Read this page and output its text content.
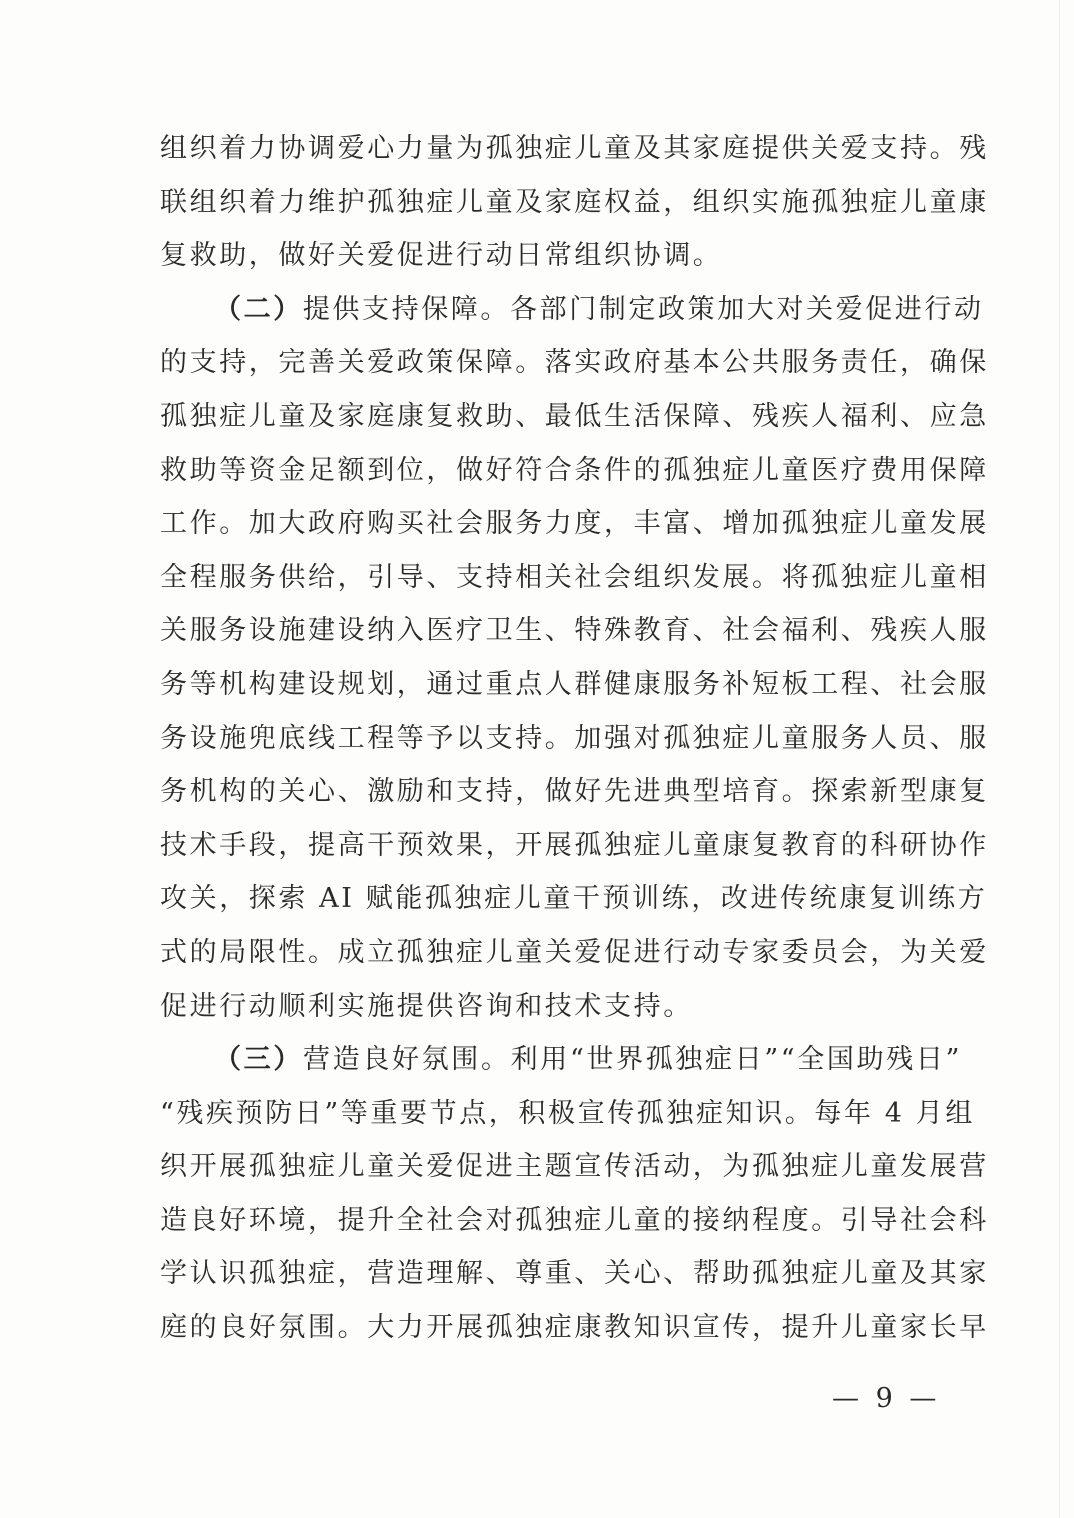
组织着力协调爱心力量为孤独症儿童及其家庭提供关爱支持。残
联组织着力维护孤独症儿童及家庭权益，组织实施孤独症儿童康
复救助，做好关爱促进行动日常组织协调。
（二）提供支持保障。各部门制定政策加大对关爱促进行动
的支持，完善关爱政策保障。落实政府基本公共服务责任，确保
孤独症儿童及家庭康复救助、最低生活保障、残疾人福利、应急
救助等资金足额到位，做好符合条件的孤独症儿童医疗费用保障
工作。加大政府购买社会服务力度，丰富、增加孤独症儿童发展
全程服务供给，引导、支持相关社会组织发展。将孤独症儿童相
关服务设施建设纳入医疗卫生、特殊教育、社会福利、残疾人服
务等机构建设规划，通过重点人群健康服务补短板工程、社会服
务设施兜底线工程等予以支持。加强对孤独症儿童服务人员、服
务机构的关心、激励和支持，做好先进典型培育。探索新型康复
技术手段，提高干预效果，开展孤独症儿童康复教育的科研协作
攻关，探索 AI 赋能孤独症儿童干预训练，改进传统康复训练方
式的局限性。成立孤独症儿童关爱促进行动专家委员会，为关爱
促进行动顺利实施提供咨询和技术支持。
（三）营造良好氛围。利用“世界孤独症日”“全国助残日”
“残疾预防日”等重要节点，积极宣传孤独症知识。每年 4 月组
织开展孤独症儿童关爱促进主题宣传活动，为孤独症儿童发展营
造良好环境，提升全社会对孤独症儿童的接纳程度。引导社会科
学认识孤独症，营造理解、尊重、关心、帮助孤独症儿童及其家
庭的良好氛围。大力开展孤独症康教知识宣传，提升儿童家长早
— 9 —
